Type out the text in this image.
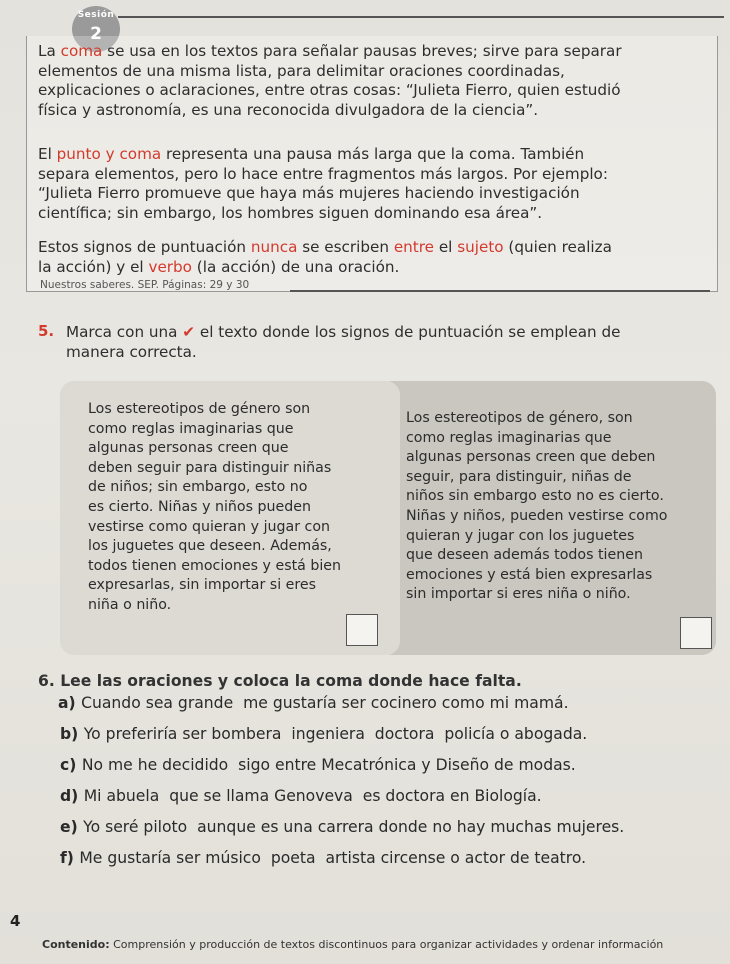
Sesión
2
La coma se usa en los textos para señalar pausas breves; sirve para separar
elementos de una misma lista, para delimitar oraciones coordinadas,
explicaciones o aclaraciones, entre otras cosas: “Julieta Fierro, quien estudió
física y astronomía, es una reconocida divulgadora de la ciencia”.
El punto y coma representa una pausa más larga que la coma. También
separa elementos, pero lo hace entre fragmentos más largos. Por ejemplo:
“Julieta Fierro promueve que haya más mujeres haciendo investigación
científica; sin embargo, los hombres siguen dominando esa área”.
Estos signos de puntuación nunca se escriben entre el sujeto (quien realiza
la acción) y el verbo (la acción) de una oración.
Nuestros saberes. SEP. Páginas: 29 y 30
5. Marca con una ✔ el texto donde los signos de puntuación se emplean de
manera correcta.
Los estereotipos de género son
como reglas imaginarias que
algunas personas creen que
deben seguir para distinguir niñas
de niños; sin embargo, esto no
es cierto. Niñas y niños pueden
vestirse como quieran y jugar con
los juguetes que deseen. Además,
todos tienen emociones y está bien
expresarlas, sin importar si eres
niña o niño.
Los estereotipos de género, son
como reglas imaginarias que
algunas personas creen que deben
seguir, para distinguir, niñas de
niños sin embargo esto no es cierto.
Niñas y niños, pueden vestirse como
quieran y jugar con los juguetes
que deseen además todos tienen
emociones y está bien expresarlas
sin importar si eres niña o niño.
6. Lee las oraciones y coloca la coma donde hace falta.
a) Cuando sea grande  me gustaría ser cocinero como mi mamá.
b) Yo preferiría ser bombera  ingeniera  doctora  policía o abogada.
c) No me he decidido  sigo entre Mecatrónica y Diseño de modas.
d) Mi abuela  que se llama Genoveva  es doctora en Biología.
e) Yo seré piloto  aunque es una carrera donde no hay muchas mujeres.
f) Me gustaría ser músico  poeta  artista circense o actor de teatro.
4
Contenido: Comprensión y producción de textos discontinuos para organizar actividades y ordenar información
